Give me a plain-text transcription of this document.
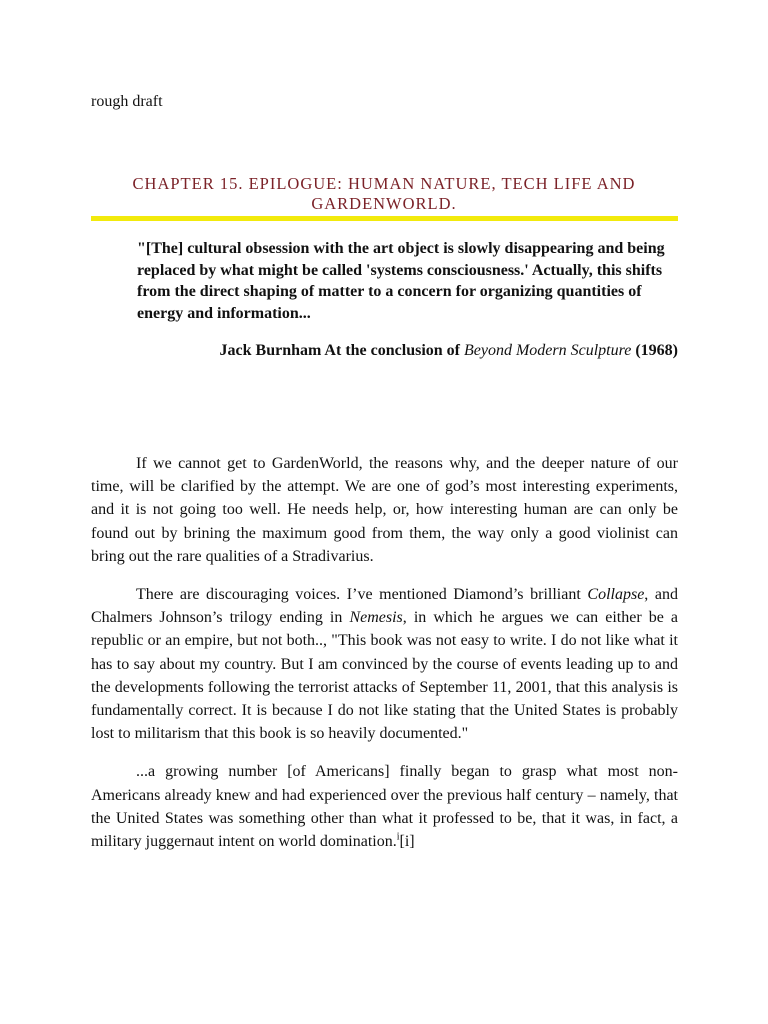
rough draft
CHAPTER 15. EPILOGUE: HUMAN NATURE, TECH LIFE AND
GARDENWORLD.

"[The] cultural obsession with the art object is slowly disappearing and being replaced by what might be called 'systems consciousness.' Actually, this shifts from the direct shaping of matter to a concern for organizing quantities of energy and information...

Jack Burnham At the conclusion of Beyond Modern Sculpture (1968)

If we cannot get to GardenWorld, the reasons why, and the deeper nature of our time, will be clarified by the attempt. We are one of god’s most interesting experiments, and it is not going too well. He needs help, or, how interesting human are can only be found out by brining the maximum good from them, the way only a good violinist can bring out the rare qualities of a Stradivarius.

There are discouraging voices. I’ve mentioned Diamond’s brilliant Collapse, and Chalmers Johnson’s trilogy ending in Nemesis, in which he argues we can either be a republic or an empire, but not both.., "This book was not easy to write. I do not like what it has to say about my country. But I am convinced by the course of events leading up to and the developments following the terrorist attacks of September 11, 2001, that this analysis is fundamentally correct. It is because I do not like stating that the United States is probably lost to militarism that this book is so heavily documented."

...a growing number [of Americans] finally began to grasp what most non-Americans already knew and had experienced over the previous half century – namely, that the United States was something other than what it professed to be, that it was, in fact, a military juggernaut intent on world domination.$^i$[i]
